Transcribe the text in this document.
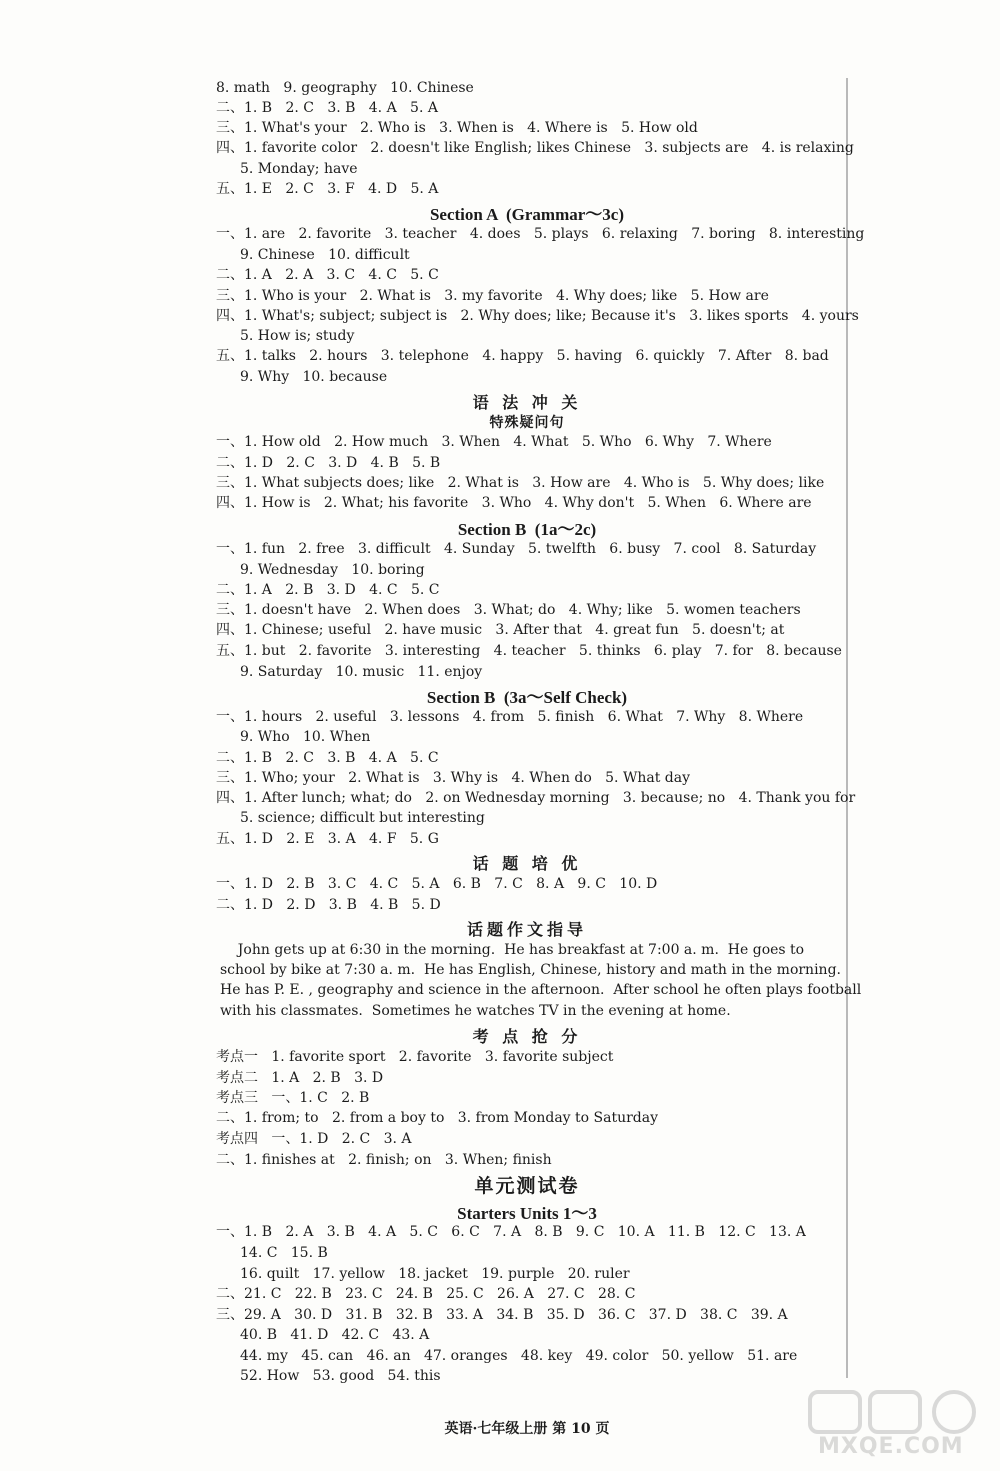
8. math   9. geography   10. Chinese
二、1. B   2. C   3. B   4. A   5. A
三、1. What's your   2. Who is   3. When is   4. Where is   5. How old
四、1. favorite color   2. doesn't like English; likes Chinese   3. subjects are   4. is relaxing
5. Monday; have
五、1. E   2. C   3. F   4. D   5. A
Section A  (Grammar～3c)
一、1. are   2. favorite   3. teacher   4. does   5. plays   6. relaxing   7. boring   8. interesting
9. Chinese   10. difficult
二、1. A   2. A   3. C   4. C   5. C
三、1. Who is your   2. What is   3. my favorite   4. Why does; like   5. How are
四、1. What's; subject; subject is   2. Why does; like; Because it's   3. likes sports   4. yours
5. How is; study
五、1. talks   2. hours   3. telephone   4. happy   5. having   6. quickly   7. After   8. bad
9. Why   10. because
语 法 冲 关
特殊疑问句
一、1. How old   2. How much   3. When   4. What   5. Who   6. Why   7. Where
二、1. D   2. C   3. D   4. B   5. B
三、1. What subjects does; like   2. What is   3. How are   4. Who is   5. Why does; like
四、1. How is   2. What; his favorite   3. Who   4. Why don't   5. When   6. Where are
Section B  (1a～2c)
一、1. fun   2. free   3. difficult   4. Sunday   5. twelfth   6. busy   7. cool   8. Saturday
9. Wednesday   10. boring
二、1. A   2. B   3. D   4. C   5. C
三、1. doesn't have   2. When does   3. What; do   4. Why; like   5. women teachers
四、1. Chinese; useful   2. have music   3. After that   4. great fun   5. doesn't; at
五、1. but   2. favorite   3. interesting   4. teacher   5. thinks   6. play   7. for   8. because
9. Saturday   10. music   11. enjoy
Section B  (3a～Self Check)
一、1. hours   2. useful   3. lessons   4. from   5. finish   6. What   7. Why   8. Where
9. Who   10. When
二、1. B   2. C   3. B   4. A   5. C
三、1. Who; your   2. What is   3. Why is   4. When do   5. What day
四、1. After lunch; what; do   2. on Wednesday morning   3. because; no   4. Thank you for
5. science; difficult but interesting
五、1. D   2. E   3. A   4. F   5. G
话 题 培 优
一、1. D   2. B   3. C   4. C   5. A   6. B   7. C   8. A   9. C   10. D
二、1. D   2. D   3. B   4. B   5. D
话题作文指导
John gets up at 6:30 in the morning.  He has breakfast at 7:00 a. m.  He goes to
school by bike at 7:30 a. m.  He has English, Chinese, history and math in the morning.
He has P. E. , geography and science in the afternoon.  After school he often plays football
with his classmates.  Sometimes he watches TV in the evening at home.
考 点 抢 分
考点一   1. favorite sport   2. favorite   3. favorite subject
考点二   1. A   2. B   3. D
考点三   一、1. C   2. B
二、1. from; to   2. from a boy to   3. from Monday to Saturday
考点四   一、1. D   2. C   3. A
二、1. finishes at   2. finish; on   3. When; finish
单元测试卷
Starters Units 1～3
一、1. B   2. A   3. B   4. A   5. C   6. C   7. A   8. B   9. C   10. A   11. B   12. C   13. A
14. C   15. B
16. quilt   17. yellow   18. jacket   19. purple   20. ruler
二、21. C   22. B   23. C   24. B   25. C   26. A   27. C   28. C
三、29. A   30. D   31. B   32. B   33. A   34. B   35. D   36. C   37. D   38. C   39. A
40. B   41. D   42. C   43. A
44. my   45. can   46. an   47. oranges   48. key   49. color   50. yellow   51. are
52. How   53. good   54. this
英语·七年级上册 第 10 页
MXQE.COM
